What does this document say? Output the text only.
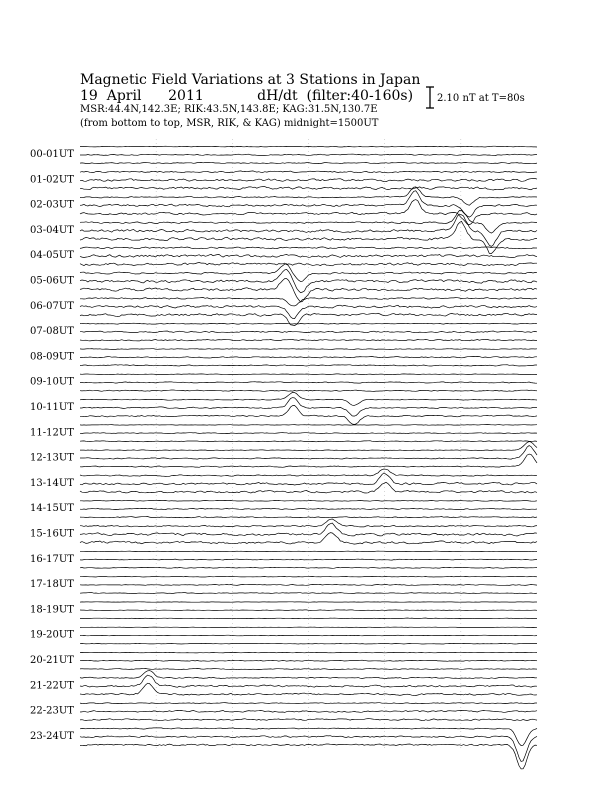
Magnetic Field Variations at 3 Stations in Japan
19  April      2011            dH/dt  (filter:40-160s)
MSR:44.4N,142.3E; RIK:43.5N,143.8E; KAG:31.5N,130.7E
(from bottom to top, MSR, RIK, & KAG) midnight=1500UT
00-01UT
01-02UT
02-03UT
03-04UT
04-05UT
05-06UT
06-07UT
07-08UT
08-09UT
09-10UT
10-11UT
11-12UT
12-13UT
13-14UT
14-15UT
15-16UT
16-17UT
17-18UT
18-19UT
19-20UT
20-21UT
21-22UT
22-23UT
23-24UT
2.10 nT at T=80s
